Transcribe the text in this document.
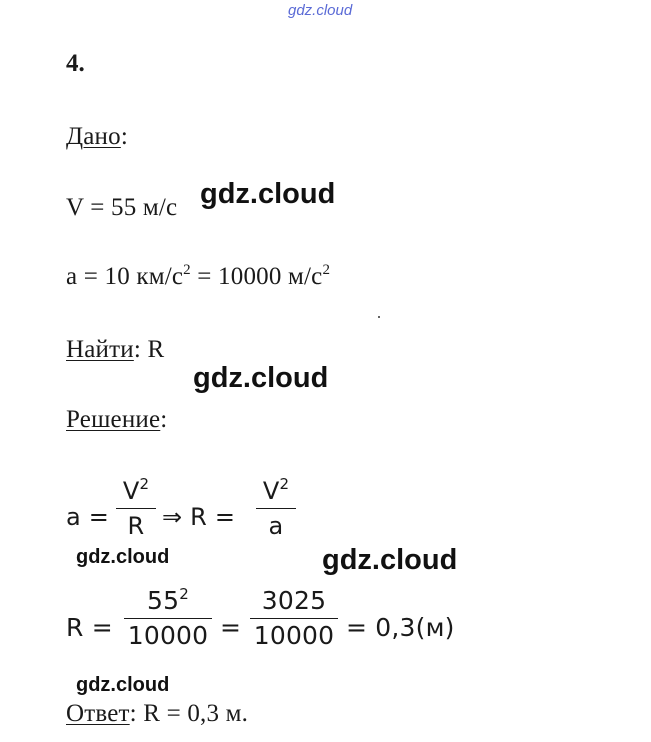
gdz.cloud
4.
Дано:
V = 55 м/с gdz.cloud
a = 10 $км/с^2 = 10000$ $м/с^2$
Найти: R
gdz.cloud
Решение:
a =
$V^2$
R ⇒ R =
$V^2$
a
gdz.cloud	gdz.cloud
R =
$55^2$
10000 =
3025
10000 = 0,3(м)
gdz.cloud
Ответ: R = 0,3 м.
